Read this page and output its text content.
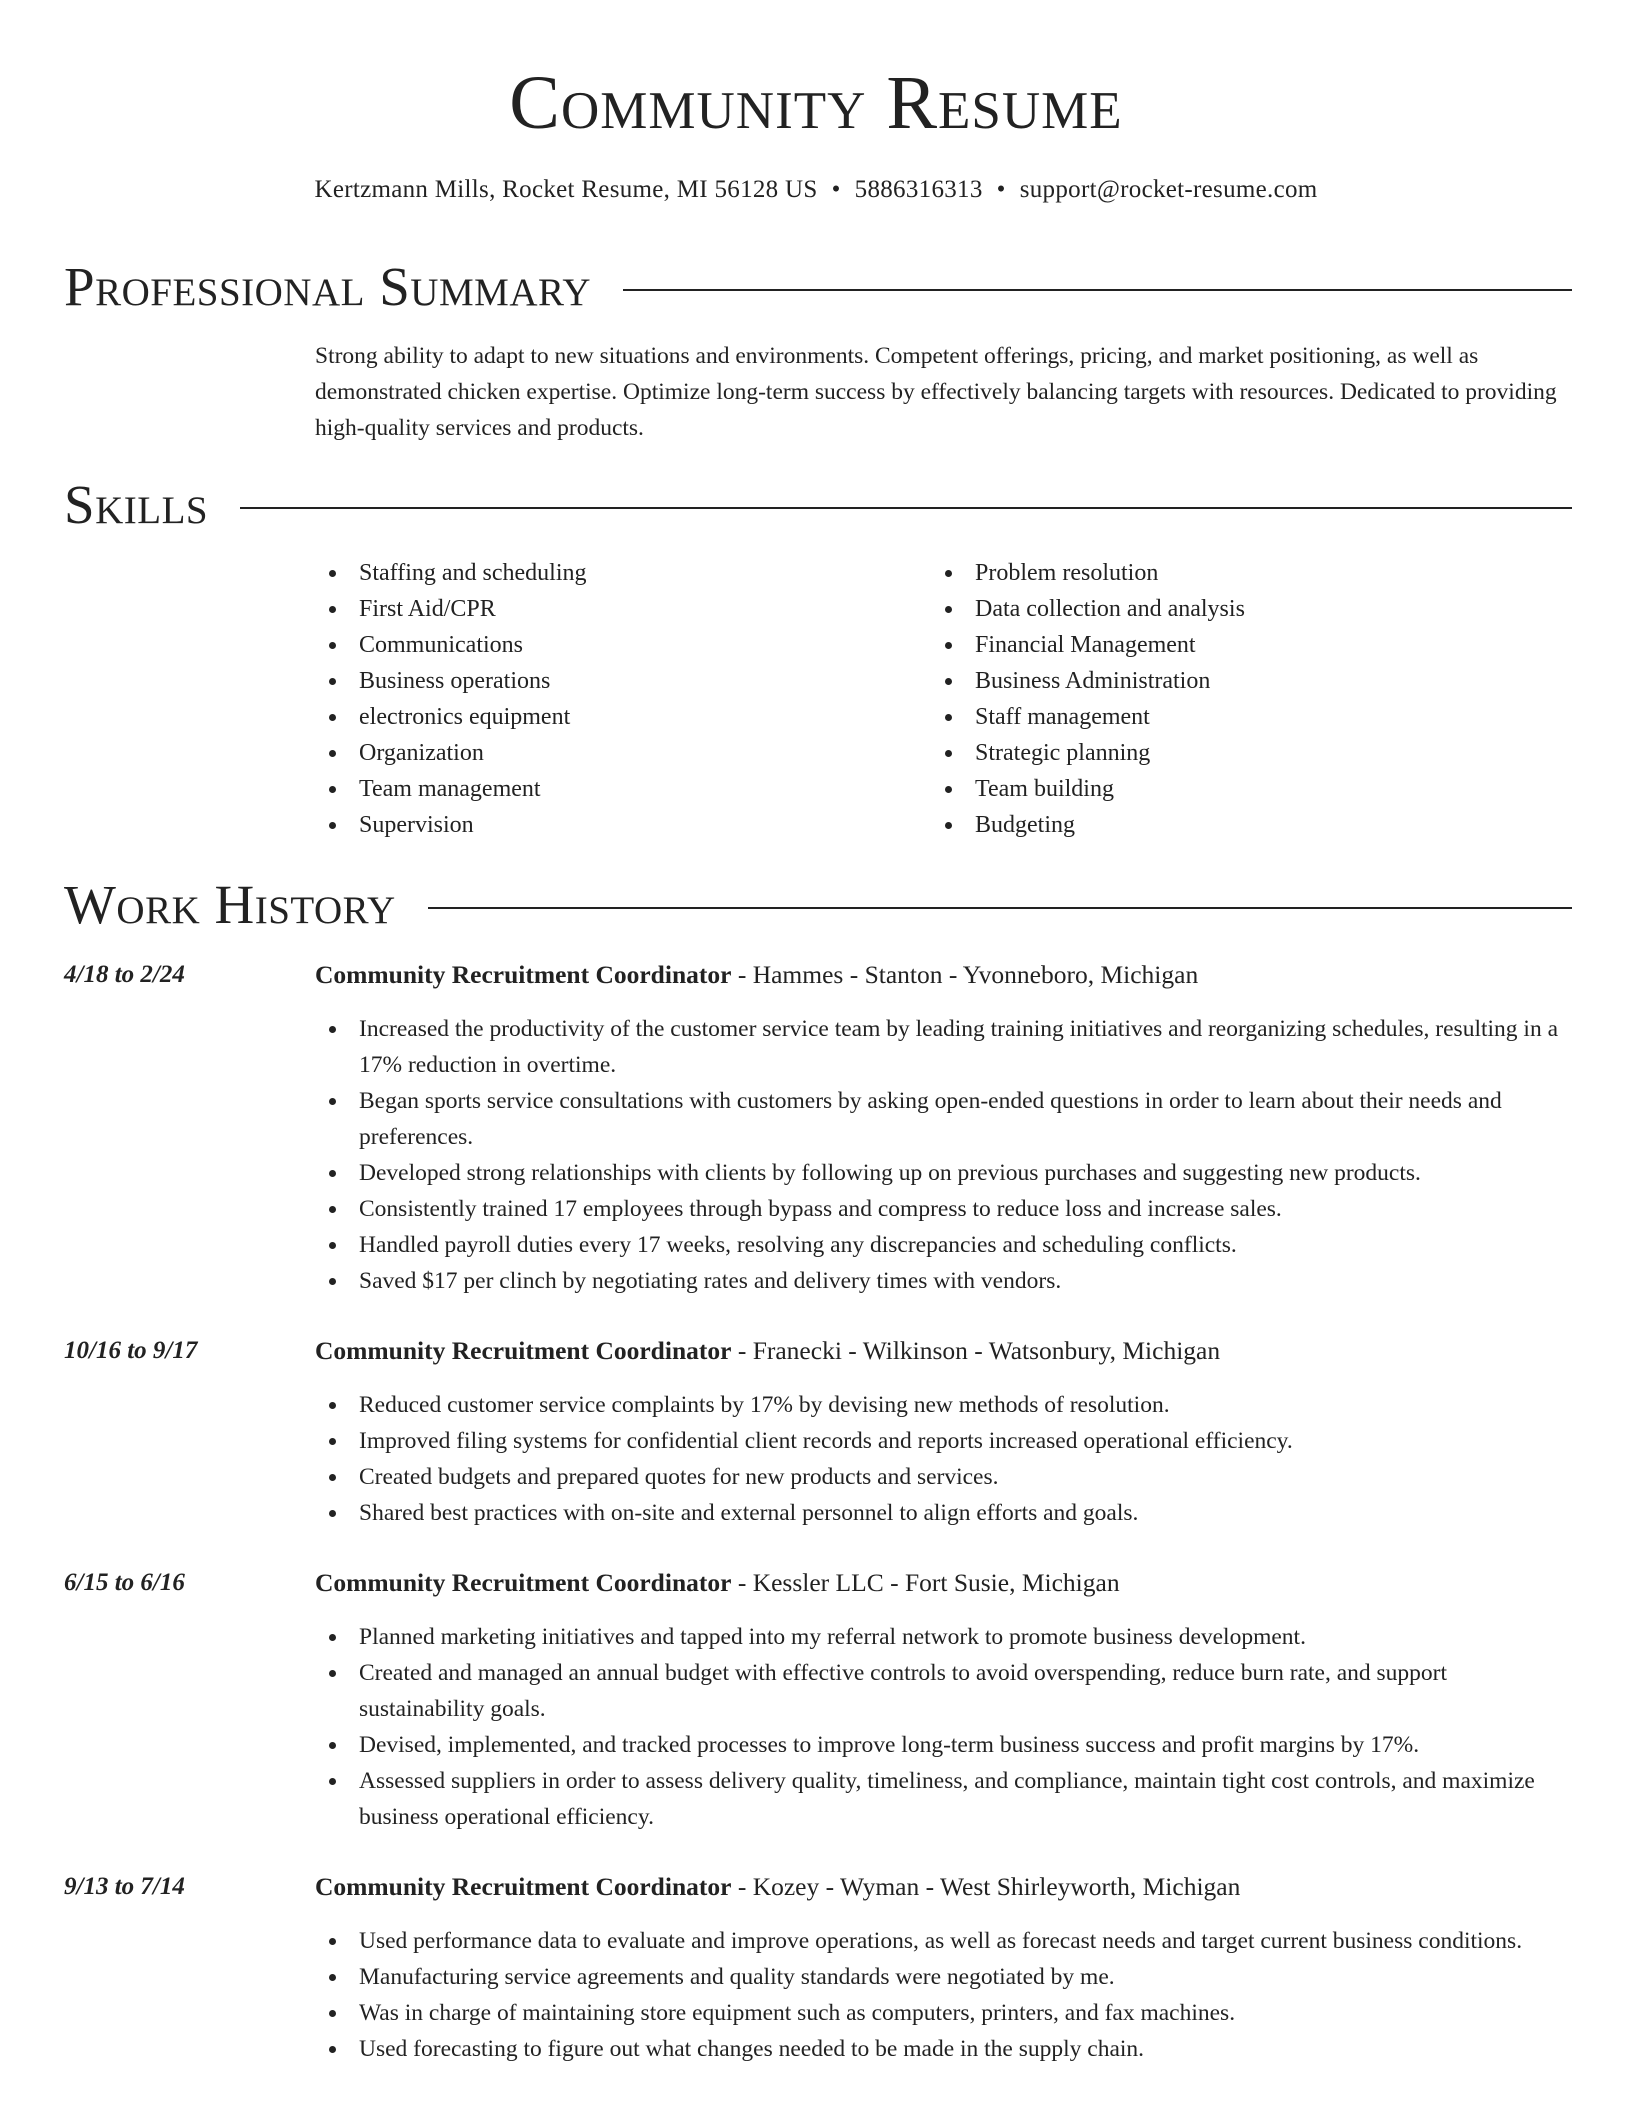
Community Resume
Kertzmann Mills, Rocket Resume, MI 56128 US • 5886316313 • support@rocket-resume.com
Professional Summary

Strong ability to adapt to new situations and environments. Competent offerings, pricing, and market positioning, as well as demonstrated chicken expertise. Optimize long-term success by effectively balancing targets with resources. Dedicated to providing high-quality services and products.

Skills
Staffing and scheduling
First Aid/CPR
Communications
Business operations
electronics equipment
Organization
Team management
Supervision
Problem resolution
Data collection and analysis
Financial Management
Business Administration
Staff management
Strategic planning
Team building
Budgeting
Work History
4/18 to 2/24	Community Recruitment Coordinator - Hammes - Stanton - Yvonneboro, Michigan
Increased the productivity of the customer service team by leading training initiatives and reorganizing schedules, resulting in a 17% reduction in overtime.
Began sports service consultations with customers by asking open-ended questions in order to learn about their needs and preferences.
Developed strong relationships with clients by following up on previous purchases and suggesting new products.
Consistently trained 17 employees through bypass and compress to reduce loss and increase sales.
Handled payroll duties every 17 weeks, resolving any discrepancies and scheduling conflicts.
Saved $17 per clinch by negotiating rates and delivery times with vendors.
10/16 to 9/17	Community Recruitment Coordinator - Franecki - Wilkinson - Watsonbury, Michigan
Reduced customer service complaints by 17% by devising new methods of resolution.
Improved filing systems for confidential client records and reports increased operational efficiency.
Created budgets and prepared quotes for new products and services.
Shared best practices with on-site and external personnel to align efforts and goals.
6/15 to 6/16	Community Recruitment Coordinator - Kessler LLC - Fort Susie, Michigan
Planned marketing initiatives and tapped into my referral network to promote business development.
Created and managed an annual budget with effective controls to avoid overspending, reduce burn rate, and support sustainability goals.
Devised, implemented, and tracked processes to improve long-term business success and profit margins by 17%.
Assessed suppliers in order to assess delivery quality, timeliness, and compliance, maintain tight cost controls, and maximize business operational efficiency.
9/13 to 7/14	Community Recruitment Coordinator - Kozey - Wyman - West Shirleyworth, Michigan
Used performance data to evaluate and improve operations, as well as forecast needs and target current business conditions.
Manufacturing service agreements and quality standards were negotiated by me.
Was in charge of maintaining store equipment such as computers, printers, and fax machines.
Used forecasting to figure out what changes needed to be made in the supply chain.
